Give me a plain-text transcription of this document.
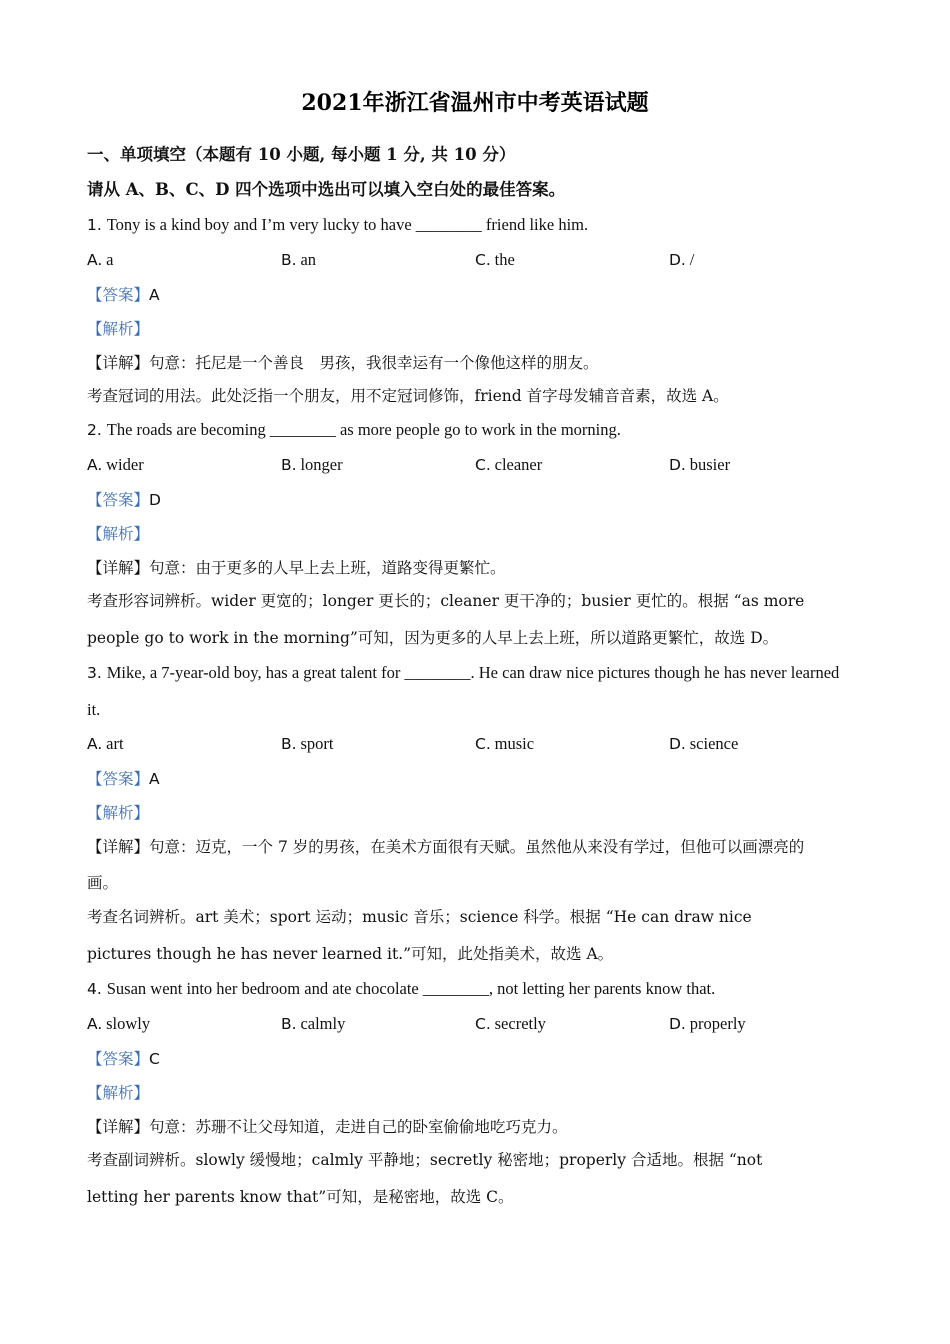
2021年浙江省温州市中考英语试题
一、单项填空（本题有 10 小题, 每小题 1 分, 共 10 分）
请从 A、B、C、D 四个选项中选出可以填入空白处的最佳答案。
1. Tony is a kind boy and I’m very lucky to have ________ friend like him.
A. a	B. an	C. the	D. /
【答案】A
【解析】
【详解】句意：托尼是一个善良　男孩，我很幸运有一个像他这样的朋友。
考查冠词的用法。此处泛指一个朋友，用不定冠词修饰，friend 首字母发辅音音素，故选 A。
2. The roads are becoming ________ as more people go to work in the morning.
A. wider	B. longer	C. cleaner	D. busier
【答案】D
【解析】
【详解】句意：由于更多的人早上去上班，道路变得更繁忙。
考查形容词辨析。wider 更宽的；longer 更长的；cleaner 更干净的；busier 更忙的。根据 “as more
people go to work in the morning”可知，因为更多的人早上去上班，所以道路更繁忙，故选 D。
3. Mike, a 7-year-old boy, has a great talent for ________. He can draw nice pictures though he has never learned
it.
A. art	B. sport	C. music	D. science
【答案】A
【解析】
【详解】句意：迈克，一个 7 岁的男孩，在美术方面很有天赋。虽然他从来没有学过，但他可以画漂亮的
画。
考查名词辨析。art 美术；sport 运动；music 音乐；science 科学。根据 “He can draw nice
pictures though he has never learned it.”可知，此处指美术，故选 A。
4. Susan went into her bedroom and ate chocolate ________, not letting her parents know that.
A. slowly	B. calmly	C. secretly	D. properly
【答案】C
【解析】
【详解】句意：苏珊不让父母知道，走进自己的卧室偷偷地吃巧克力。
考查副词辨析。slowly 缓慢地；calmly 平静地；secretly 秘密地；properly 合适地。根据 “not
letting her parents know that”可知，是秘密地，故选 C。
